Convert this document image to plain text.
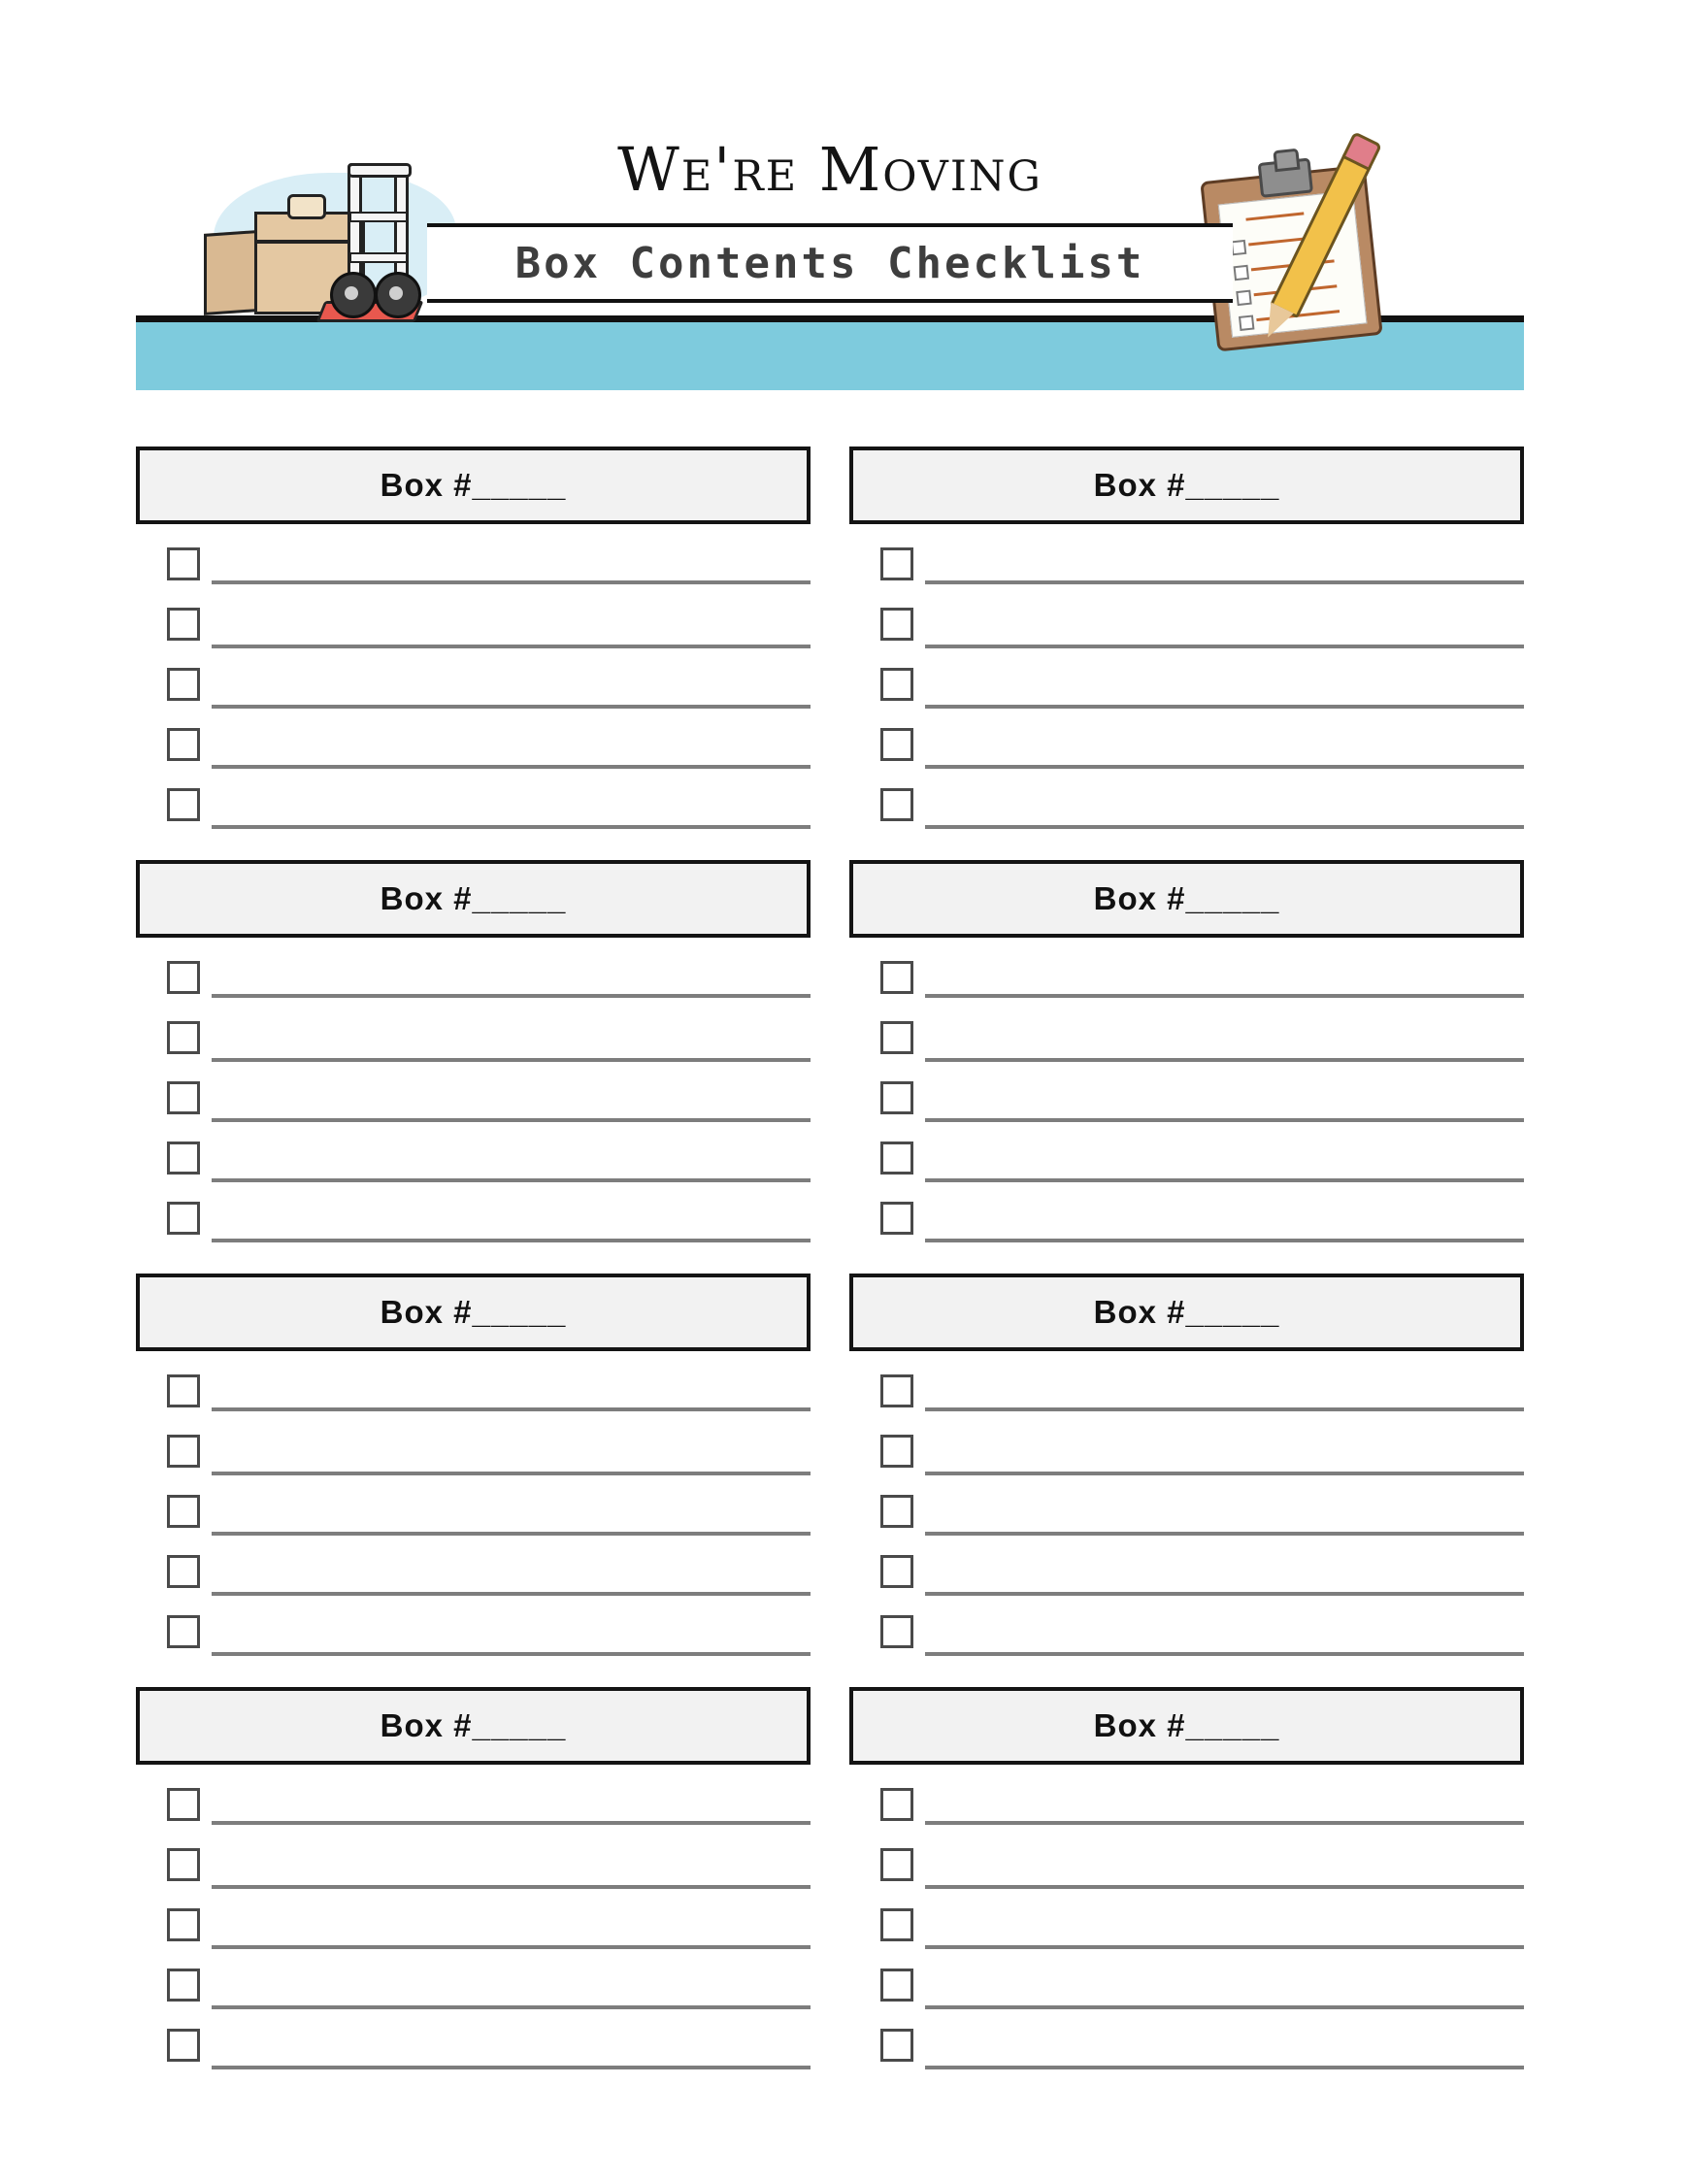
We're Moving
Box Contents Checklist
Box #_____
Box #_____
Box #_____
Box #_____
Box #_____
Box #_____
Box #_____
Box #_____
